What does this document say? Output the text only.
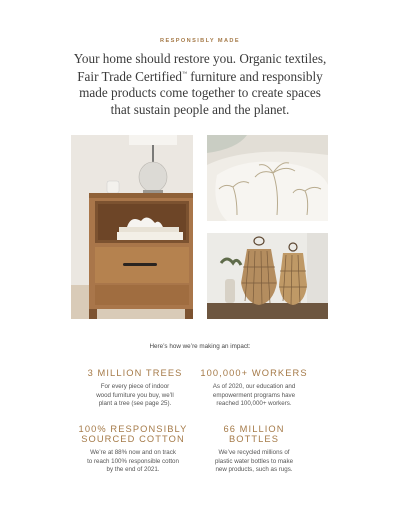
RESPONSIBLY MADE
Your home should restore you. Organic textiles,
Fair Trade Certified™ furniture and responsibly
made products come together to create spaces
that sustain people and the planet.
Here’s how we’re making an impact:
3 MILLION TREES
For every piece of indoor
wood furniture you buy, we’ll
plant a tree (see page 25).
100,000+ WORKERS
As of 2020, our education and
empowerment programs have
reached 100,000+ workers.
100% RESPONSIBLY
SOURCED COTTON
We’re at 88% now and on track
to reach 100% responsible cotton
by the end of 2021.
66 MILLION
BOTTLES
We’ve recycled millions of
plastic water bottles to make
new products, such as rugs.
